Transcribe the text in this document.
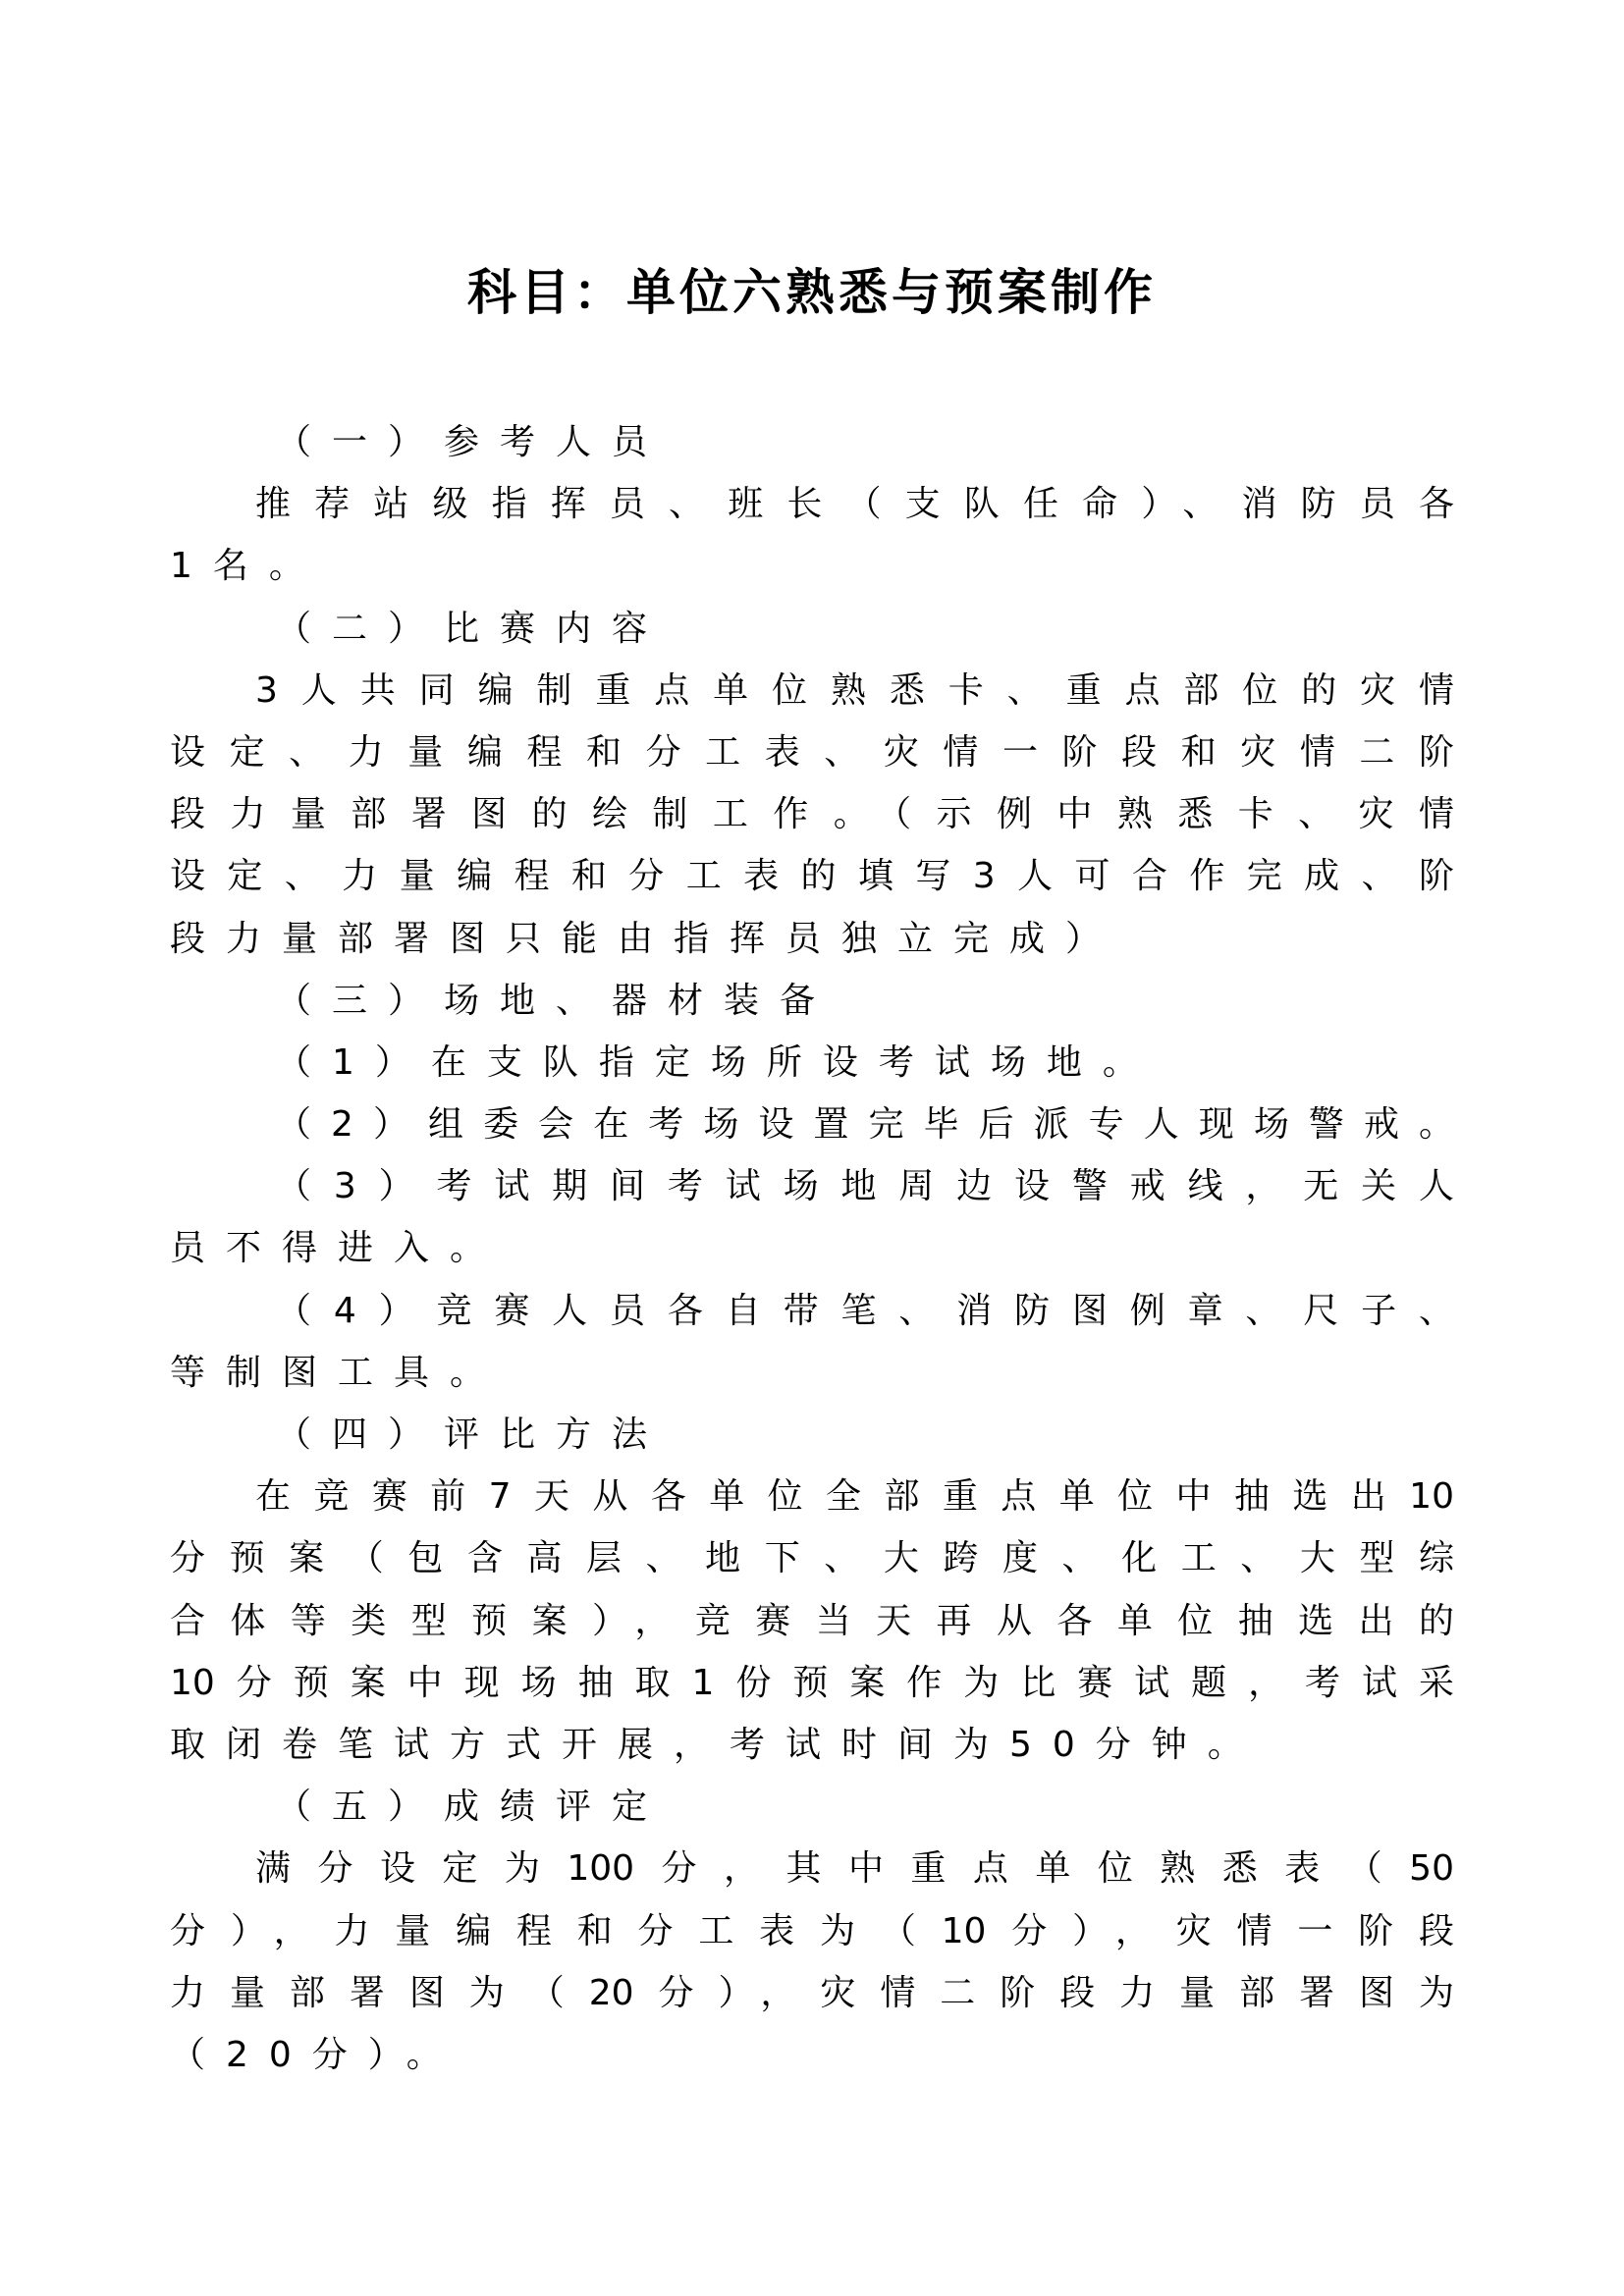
科目：单位六熟悉与预案制作
（一）参考人员
推荐站级指挥员、班长（支队任命）、消防员各
1名。
（二）比赛内容
3人共同编制重点单位熟悉卡、重点部位的灾情
设定、力量编程和分工表、灾情一阶段和灾情二阶
段力量部署图的绘制工作。（示例中熟悉卡、灾情
设定、力量编程和分工表的填写3人可合作完成、阶
段力量部署图只能由指挥员独立完成）
（三）场地、器材装备
（1）在支队指定场所设考试场地。
（2）组委会在考场设置完毕后派专人现场警戒。
（3）考试期间考试场地周边设警戒线，无关人
员不得进入。
（4）竞赛人员各自带笔、消防图例章、尺子、
等制图工具。
（四）评比方法
在竞赛前7天从各单位全部重点单位中抽选出10
分预案（包含高层、地下、大跨度、化工、大型综
合体等类型预案），竞赛当天再从各单位抽选出的
10分预案中现场抽取1份预案作为比赛试题，考试采
取闭卷笔试方式开展，考试时间为50分钟。
（五）成绩评定
满分设定为100分，其中重点单位熟悉表（50
分），力量编程和分工表为（10分），灾情一阶段
力量部署图为（20分），灾情二阶段力量部署图为
（20分）。
